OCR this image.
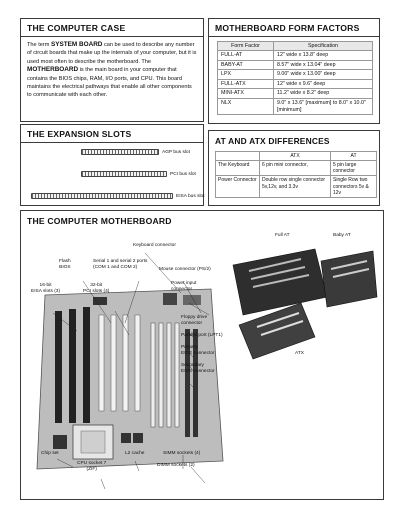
THE COMPUTER CASE
The term SYSTEM BOARD can be used to describe any number of circuit boards that make up the internals of your computer, but it is used most often to describe the motherboard. The MOTHERBOARD is the main board in your computer that contains the BIOS chips, RAM, I/O ports, and CPU. This board maintains the electrical pathways that enable all other components to communicate with each other.
MOTHERBOARD FORM FACTORS
Form Factor	Specification
FULL-AT	12" wide x 13.8" deep
BABY-AT	8.57" wide x 13.04" deep
LPX	9.00" wide x 13.00" deep
FULL-ATX	12" wide x 9.6" deep
MINI-ATX	11.2" wide x 8.2" deep
NLX	9.0" x 13.6" [maximum] to 8.0" x 10.0" [minimum]
THE EXPANSION SLOTS
AGP bus slot
PCI bus slot
EISA bus slot
AT AND ATX DIFFERENCES
	ATX	AT
The Keyboard	6 pin mini connector,	5 pin large connector
Power Connector	Double row single connector 5v,12v, and 3.3v	Single Row two connectors 5v & 12v
THE COMPUTER MOTHERBOARD
Keyboard connector
Flash
BIOS
Serial 1 and serial 2 ports
(COM 1 and COM 2)	Mouse connector (PS/2)
16-bit
EISA slots (3)
32-bit
PCI slots (4)
Power input
connector
Floppy drive
connector
Parallel port (LPT1)
Primary
EIDE connector
Secondary
EIDE connector
Chip set	L2 cache	SIMM sockets (4)
CPU socket 7
(ZIF)
DIMM sockets (2)
Full AT	Baby AT
ATX
